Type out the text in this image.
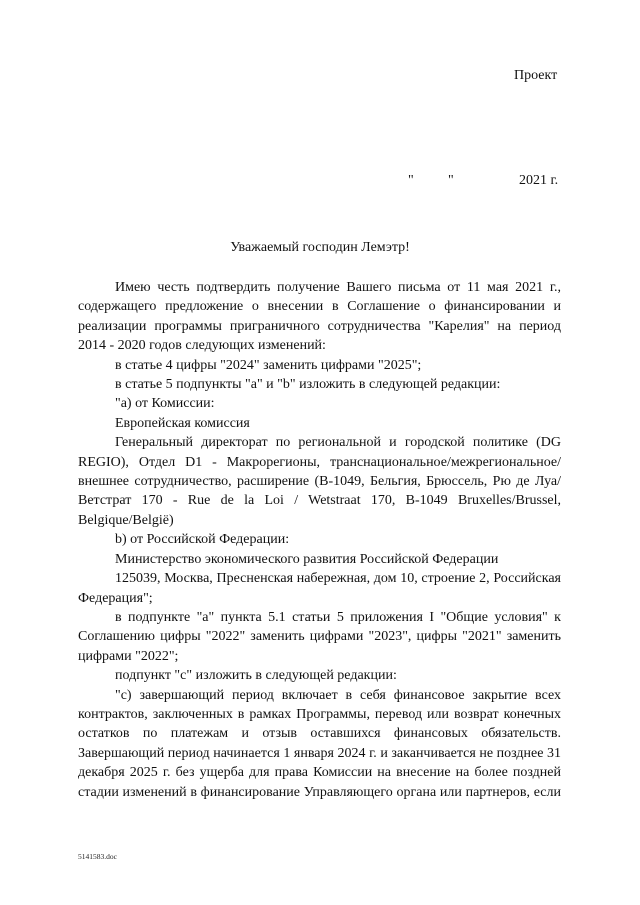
Проект
" "	2021 г.
Уважаемый господин Лемэтр!

Имею честь подтвердить получение Вашего письма от 11 мая 2021 г., содержащего предложение о внесении в Соглашение о финансировании и реализации программы приграничного сотрудничества "Карелия" на период 2014 - 2020 годов следующих изменений:

в статье 4 цифры "2024" заменить цифрами "2025";

в статье 5 подпункты "а" и "b" изложить в следующей редакции:

"а) от Комиссии:

Европейская комиссия

Генеральный директорат по региональной и городской политике (DG REGIO), Отдел D1 - Макрорегионы, транснациональное/межрегиональное/ внешнее сотрудничество, расширение (B-1049, Бельгия, Брюссель, Рю де Луа/Ветстрат 170 - Rue de la Loi / Wetstraat 170, B-1049 Bruxelles/Brussel, Belgique/België)

b) от Российской Федерации:

Министерство экономического развития Российской Федерации

125039, Москва, Пресненская набережная, дом 10, строение 2, Российская Федерация";

в подпункте "а" пункта 5.1 статьи 5 приложения I "Общие условия" к Соглашению цифры "2022" заменить цифрами "2023", цифры "2021" заменить цифрами "2022";

подпункт "с" изложить в следующей редакции:

"с) завершающий период включает в себя финансовое закрытие всех контрактов, заключенных в рамках Программы, перевод или возврат конечных остатков по платежам и отзыв оставшихся финансовых обязательств. Завершающий период начинается 1 января 2024 г. и заканчивается не позднее 31 декабря 2025 г. без ущерба для права Комиссии на внесение на более поздней стадии изменений в финансирование Управляющего органа или партнеров, если

5141583.doc
